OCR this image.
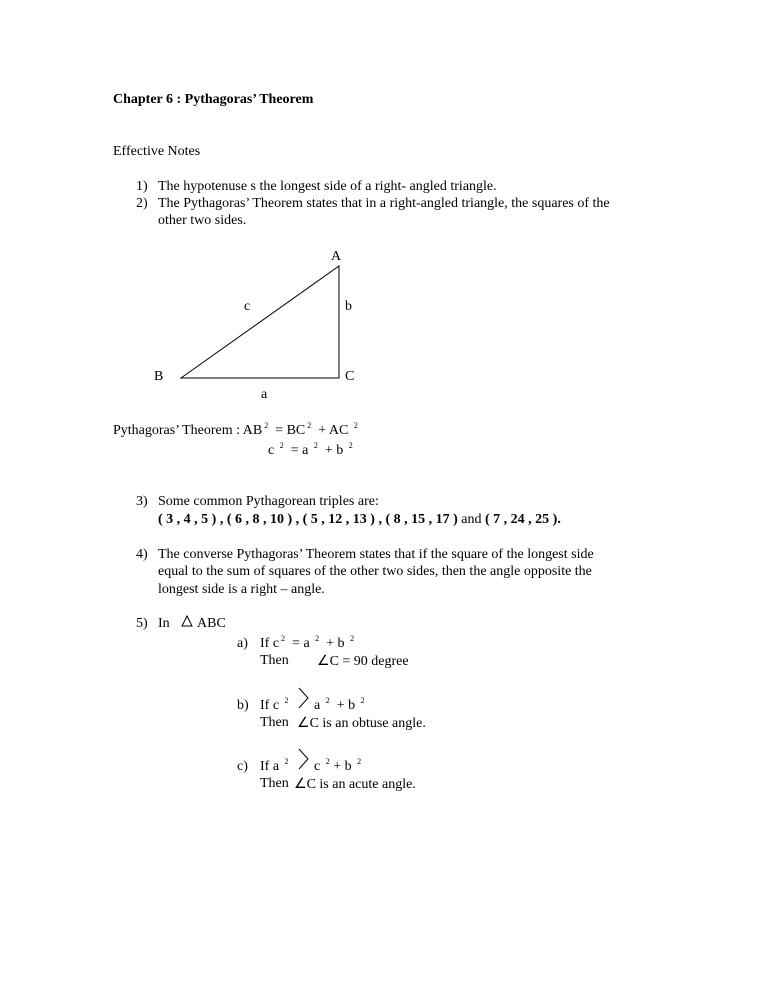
Chapter 6 : Pythagoras’ Theorem
Effective Notes
1) The hypotenuse s the longest side of a right- angled triangle.
2) The Pythagoras’ Theorem states that in a right-angled triangle, the squares of the
other two sides.
A
B	C
c	b
a
Pythagoras’ Theorem : AB $^2$ = BC $^2$ + AC $^2$
c $^2$ = a $^2$ + b $^2$
3) Some common Pythagorean triples are:
( 3 , 4 , 5 ) , ( 6 , 8 , 10 ) , ( 5 , 12 , 13 ) , ( 8 , 15 , 17 ) and ( 7 , 24 , 25 ).
4) The converse Pythagoras’ Theorem states that if the square of the longest side
equal to the sum of squares of the other two sides, then the angle opposite the
longest side is a right – angle.
5) In ABC
a) If c $^2$ = a $^2$ + b $^2$
Then ∠C = 90 degree
b) If c $^2$ a $^2$ + b $^2$
Then ∠C is an obtuse angle.
c) If a $^2$ c $^2$ + b $^2$
Then ∠C is an acute angle.
